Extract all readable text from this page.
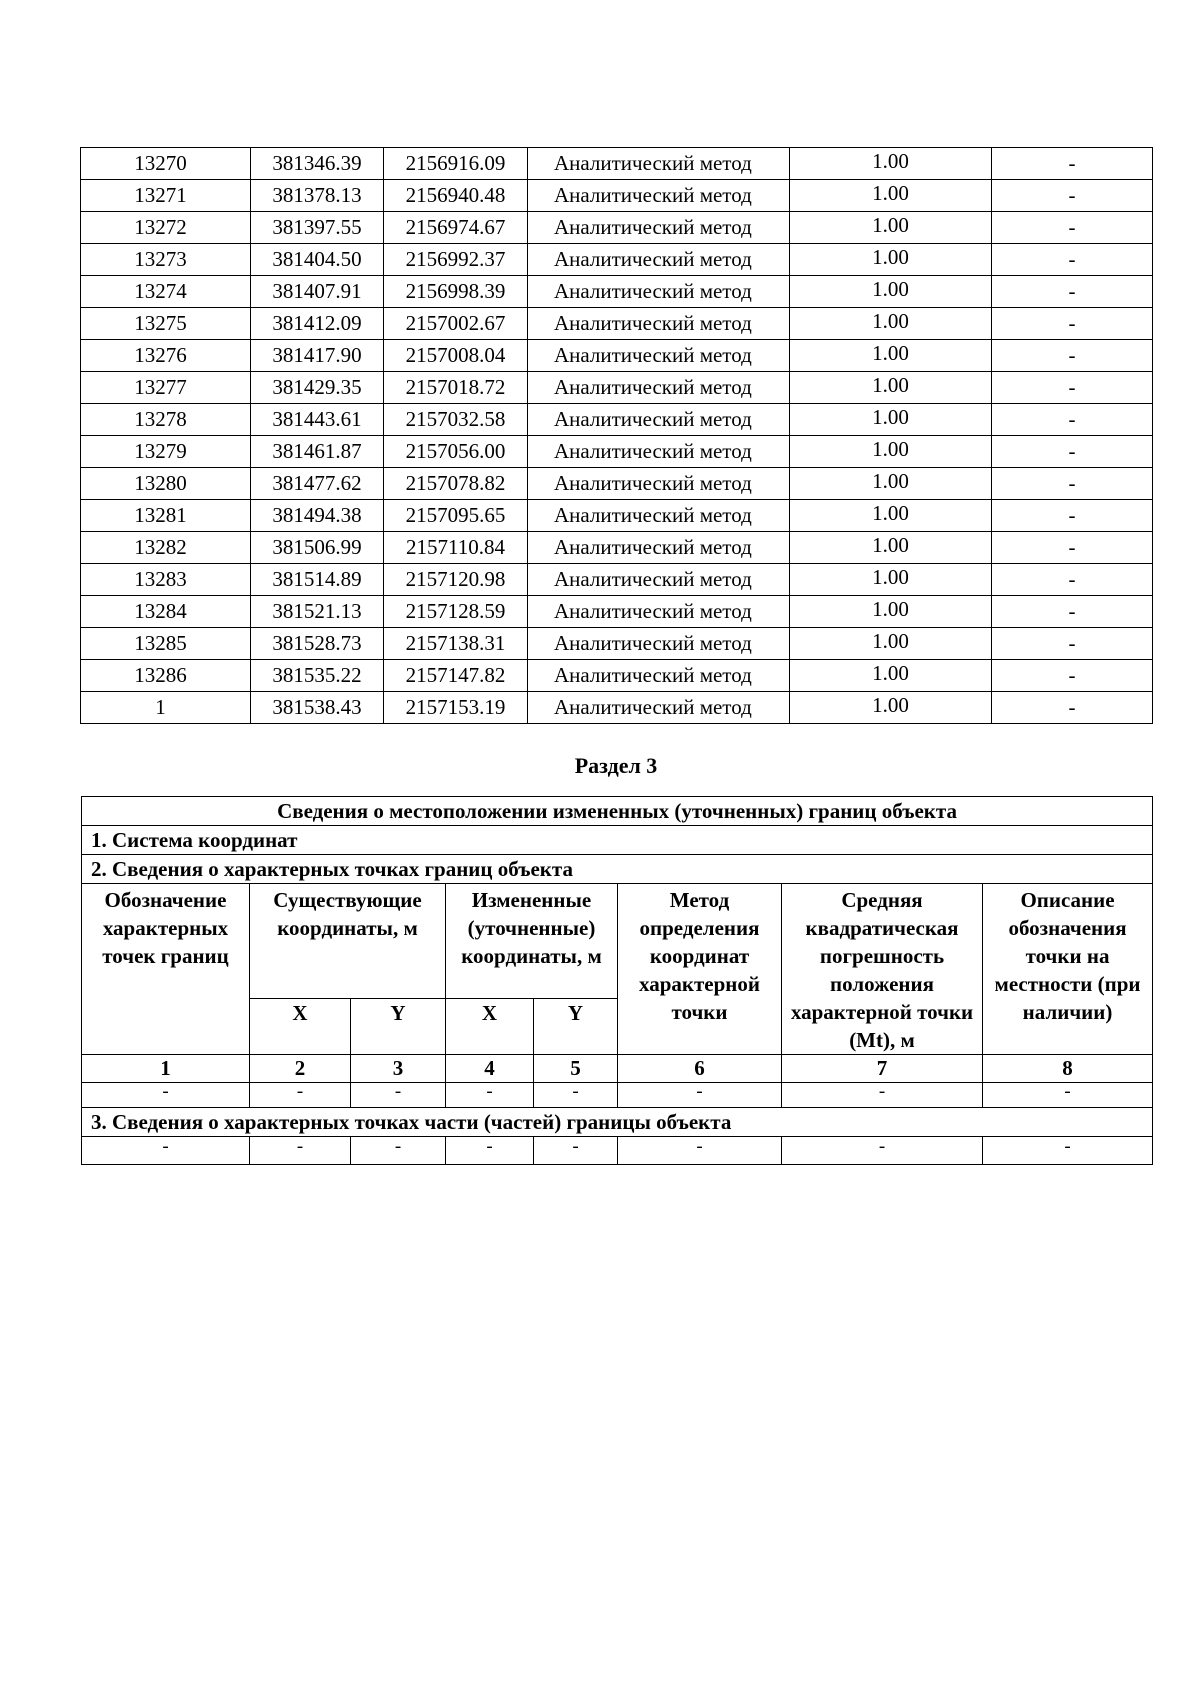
13270	381346.39	2156916.09	Аналитический метод	1.00	-
13271	381378.13	2156940.48	Аналитический метод	1.00	-
13272	381397.55	2156974.67	Аналитический метод	1.00	-
13273	381404.50	2156992.37	Аналитический метод	1.00	-
13274	381407.91	2156998.39	Аналитический метод	1.00	-
13275	381412.09	2157002.67	Аналитический метод	1.00	-
13276	381417.90	2157008.04	Аналитический метод	1.00	-
13277	381429.35	2157018.72	Аналитический метод	1.00	-
13278	381443.61	2157032.58	Аналитический метод	1.00	-
13279	381461.87	2157056.00	Аналитический метод	1.00	-
13280	381477.62	2157078.82	Аналитический метод	1.00	-
13281	381494.38	2157095.65	Аналитический метод	1.00	-
13282	381506.99	2157110.84	Аналитический метод	1.00	-
13283	381514.89	2157120.98	Аналитический метод	1.00	-
13284	381521.13	2157128.59	Аналитический метод	1.00	-
13285	381528.73	2157138.31	Аналитический метод	1.00	-
13286	381535.22	2157147.82	Аналитический метод	1.00	-
1	381538.43	2157153.19	Аналитический метод	1.00	-
Раздел 3
Сведения о местоположении измененных (уточненных) границ объекта							
1. Система координат							
2. Сведения о характерных точках границ объекта							
Обозначение характерных точек границ	Существующие координаты, м		Измененные (уточненные) координаты, м		Метод определения координат характерной точки	Средняя квадратическая погрешность положения характерной точки (Mt), м	Описание обозначения точки на местности (при наличии)
	X	Y	X	Y			
1	2	3	4	5	6	7	8
-	-	-	-	-	-	-	-
3. Сведения о характерных точках части (частей) границы объекта							
-	-	-	-	-	-	-	-
